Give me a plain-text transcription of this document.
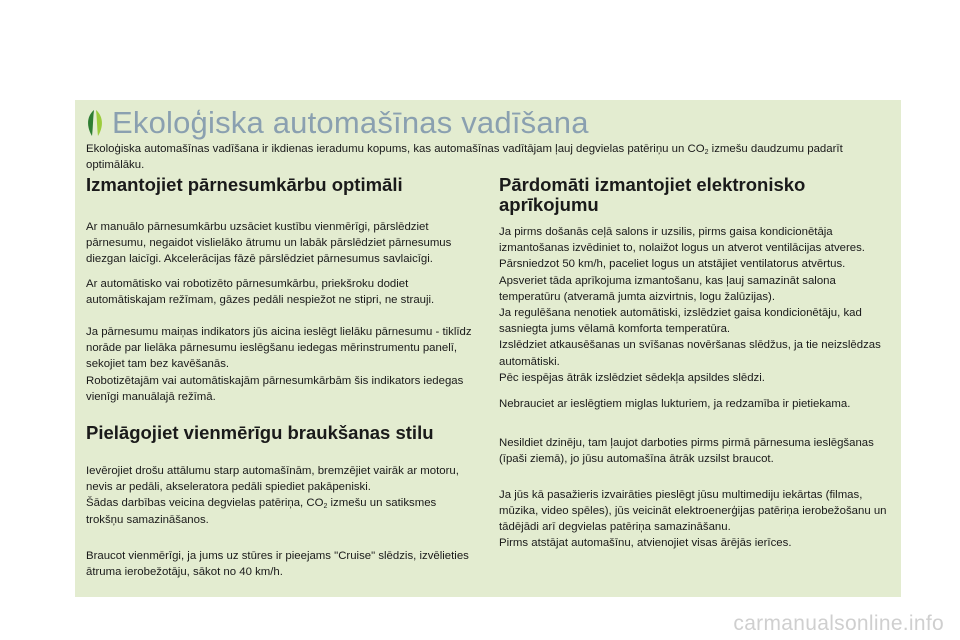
Ekoloģiska automašīnas vadīšana
Ekoloģiska automašīnas vadīšana ir ikdienas ieradumu kopums, kas automašīnas vadītājam ļauj degvielas patēriņu un $CO_2$ izmešu daudzumu padarīt optimālāku.
Izmantojiet pārnesumkārbu optimāli

Ar manuālo pārnesumkārbu uzsāciet kustību vienmērīgi, pārslēdziet pārnesumu, negaidot vislielāko ātrumu un labāk pārslēdziet pārnesumus diezgan laicīgi. Akcelerācijas fāzē pārslēdziet pārnesumus savlaicīgi.

Ar automātisko vai robotizēto pārnesumkārbu, priekšroku dodiet automātiskajam režīmam, gāzes pedāli nespiežot ne stipri, ne strauji.

Ja pārnesumu maiņas indikators jūs aicina ieslēgt lielāku pārnesumu - tiklīdz norāde par lielāka pārnesumu ieslēgšanu iedegas mērinstrumentu panelī, sekojiet tam bez kavēšanās.

Robotizētajām vai automātiskajām pārnesumkārbām šis indikators iedegas vienīgi manuālajā režīmā.

Pielāgojiet vienmērīgu braukšanas stilu

Ievērojiet drošu attālumu starp automašīnām, bremzējiet vairāk ar motoru, nevis ar pedāli, akseleratora pedāli spiediet pakāpeniski.

Šādas darbības veicina degvielas patēriņa, $CO_2$ izmešu un satiksmes trokšņu samazināšanos.

Braucot vienmērīgi, ja jums uz stūres ir pieejams "Cruise" slēdzis, izvēlieties ātruma ierobežotāju, sākot no 40 km/h.

Pārdomāti izmantojiet elektronisko aprīkojumu

Ja pirms došanās ceļā salons ir uzsilis, pirms gaisa kondicionētāja izmantošanas izvēdiniet to, nolaižot logus un atverot ventilācijas atveres.

Pārsniedzot 50 km/h, paceliet logus un atstājiet ventilatorus atvērtus.

Apsveriet tāda aprīkojuma izmantošanu, kas ļauj samazināt salona temperatūru (atveramā jumta aizvirtnis, logu žalūzijas).

Ja regulēšana nenotiek automātiski, izslēdziet gaisa kondicionētāju, kad sasniegta jums vēlamā komforta temperatūra.

Izslēdziet atkausēšanas un svīšanas novēršanas slēdžus, ja tie neizslēdzas automātiski.

Pēc iespējas ātrāk izslēdziet sēdekļa apsildes slēdzi.

Nebrauciet ar ieslēgtiem miglas lukturiem, ja redzamība ir pietiekama.

Nesildiet dzinēju, tam ļaujot darboties pirms pirmā pārnesuma ieslēgšanas (īpaši ziemā), jo jūsu automašīna ātrāk uzsilst braucot.

Ja jūs kā pasažieris izvairāties pieslēgt jūsu multimediju iekārtas (filmas, mūzika, video spēles), jūs veicināt elektroenerģijas patēriņa ierobežošanu un tādējādi arī degvielas patēriņa samazināšanu.

Pirms atstājat automašīnu, atvienojiet visas ārējās ierīces.

carmanualsonline.info
